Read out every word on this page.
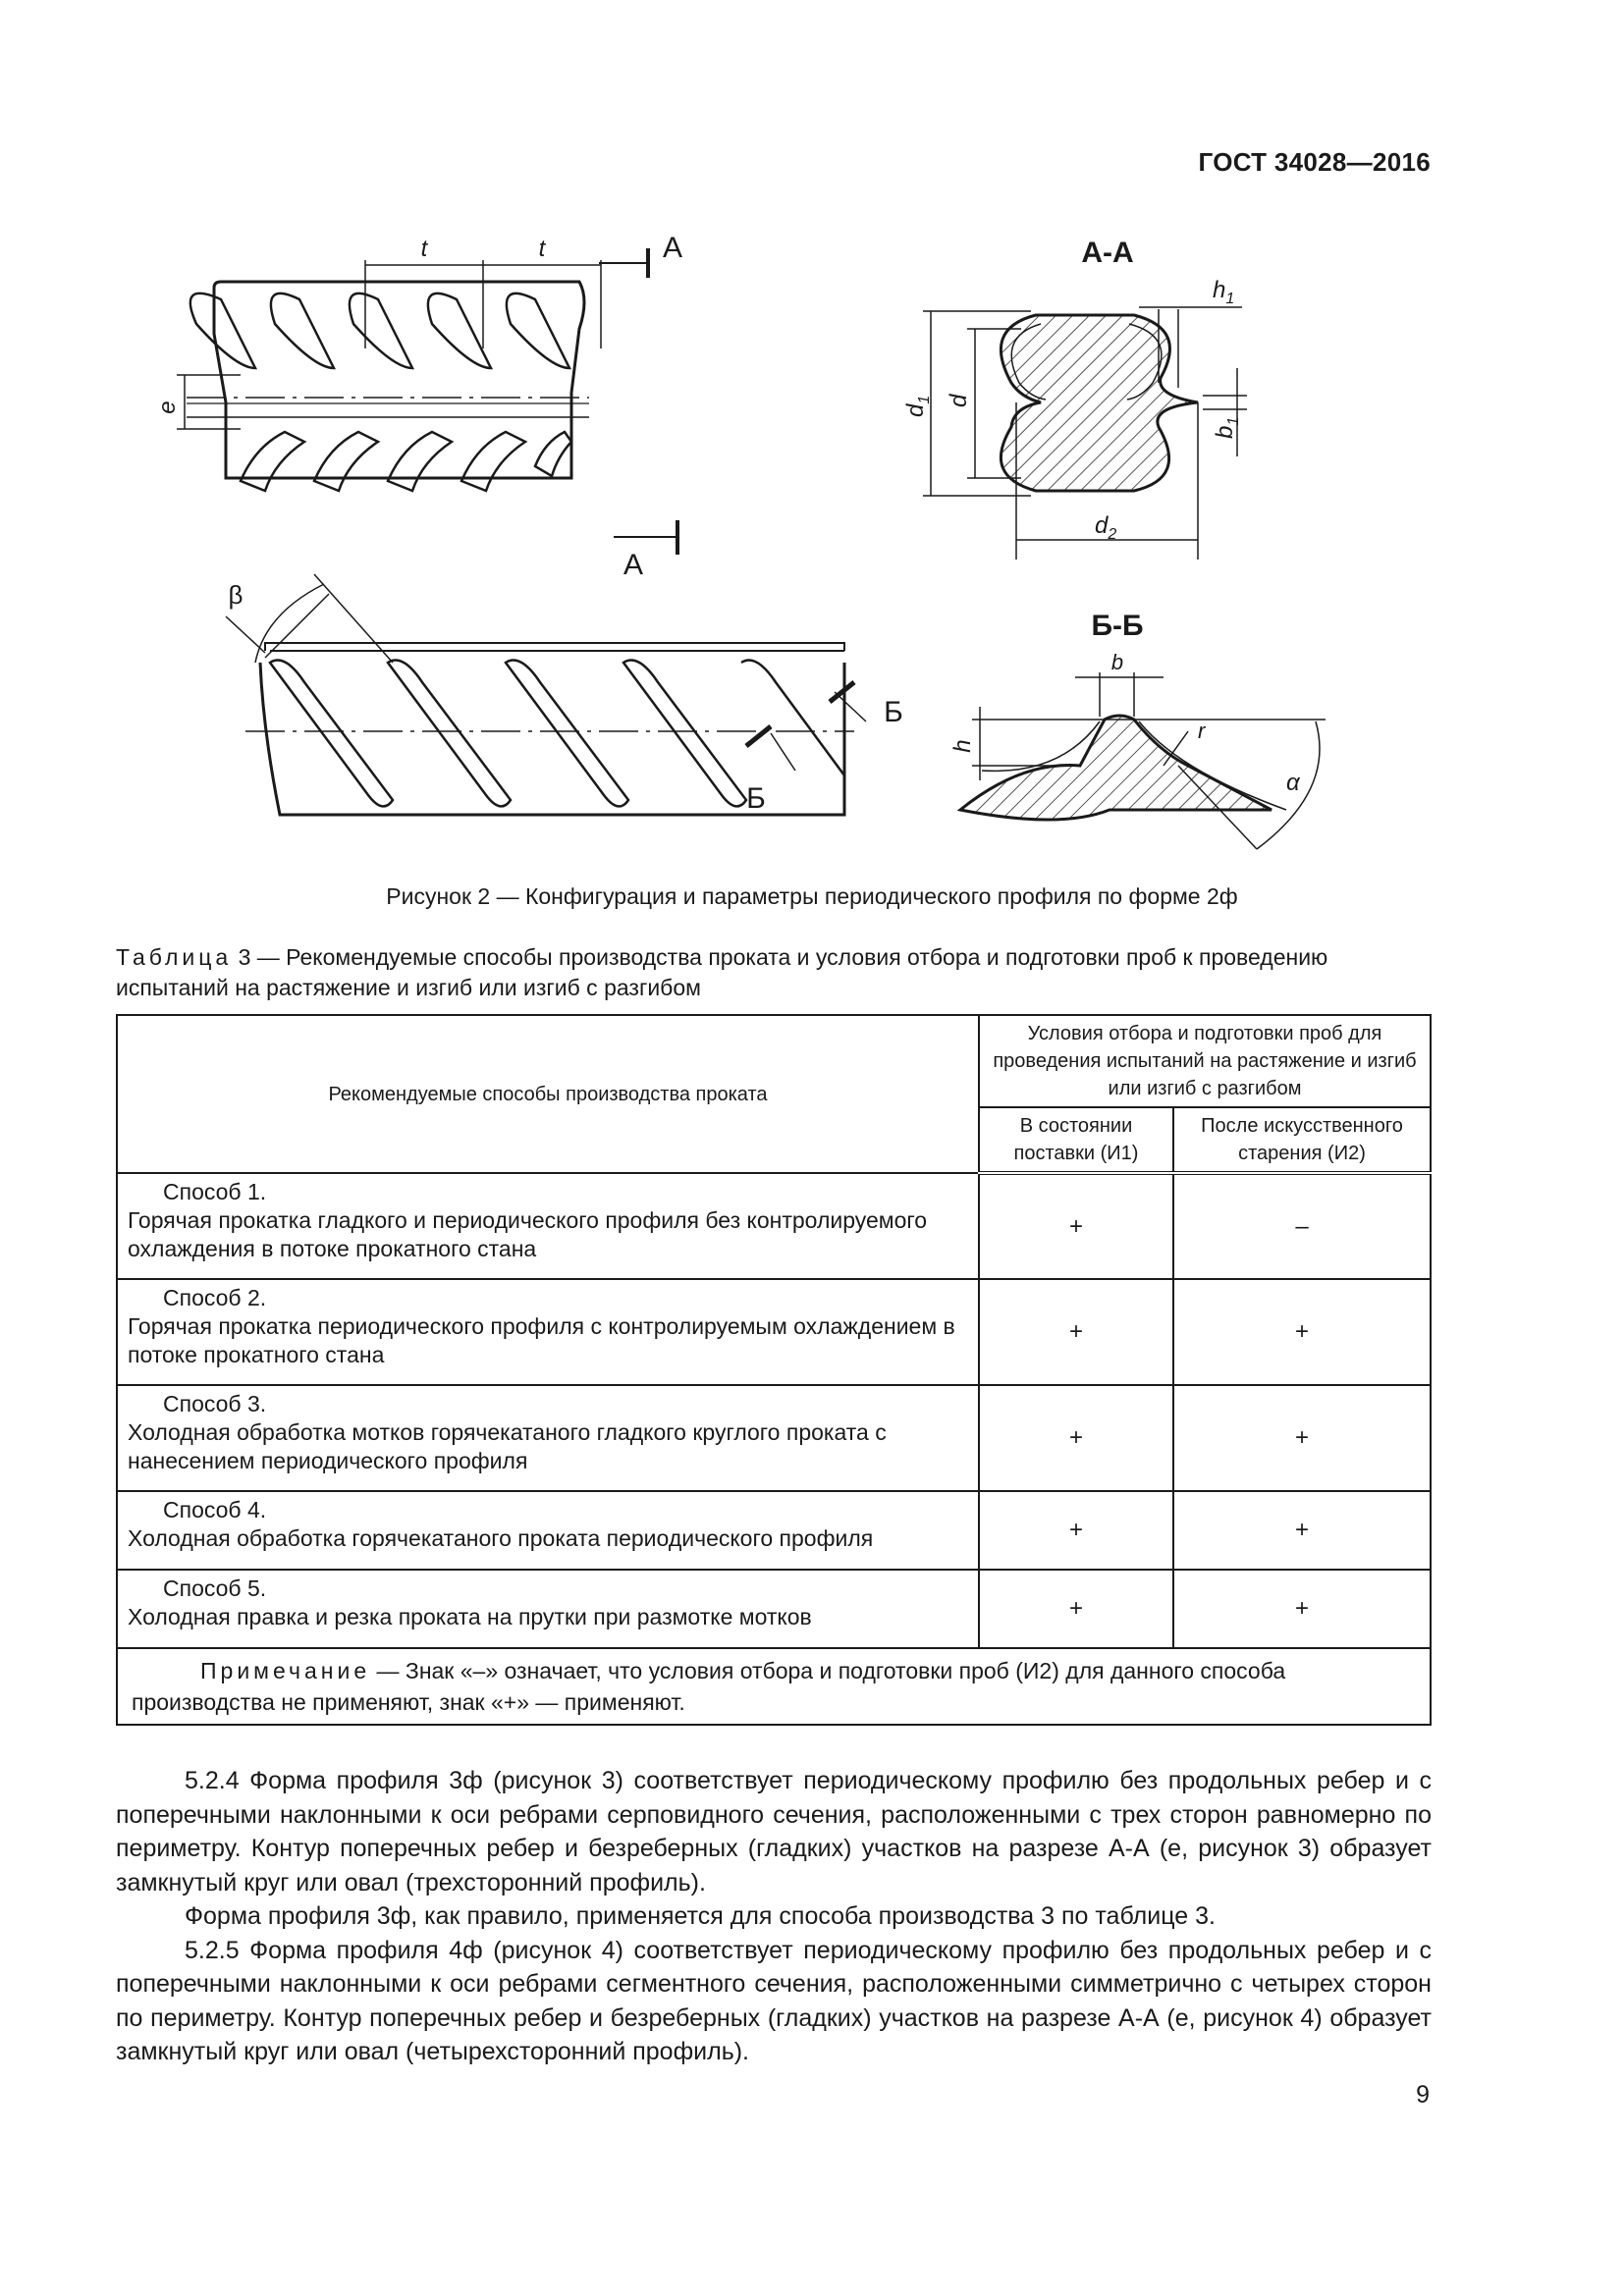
ГОСТ 34028—2016
t	t
e
А
А
А-А
$d_1$ d
$d_2$
$h_1$
$b_1$
β
Б
Б
Б-Б
b
h
r
α
Рисунок 2 — Конфигурация и параметры периодического профиля по форме 2ф
Таблица 3 — Рекомендуемые способы производства проката и условия отбора и подготовки проб к проведению испытаний на растяжение и изгиб или изгиб с разгибом
Рекомендуемые способы производства проката	Условия отбора и подготовки проб для проведения испытаний на растяжение и изгиб или изгиб с разгибом	
	В состоянии поставки (И1)	После искусственного старения (И2)

Способ 1.
Горячая прокатка гладкого и периодического профиля без контролируемого охлаждения в потоке прокатного стана	+	–

Способ 2.
Горячая прокатка периодического профиля с контролируемым охлаждением в потоке прокатного стана	+	+

Способ 3.
Холодная обработка мотков горячекатаного гладкого круглого проката с нанесением периодического профиля	+	+

Способ 4.
Холодная обработка горячекатаного проката периодического профиля	+	+

Способ 5.
Холодная правка и резка проката на прутки при размотке мотков	+	+
Примечание — Знак «–» означает, что условия отбора и подготовки проб (И2) для данного способа производства не применяют, знак «+» — применяют.		

5.2.4 Форма профиля 3ф (рисунок 3) соответствует периодическому профилю без продольных ребер и с поперечными наклонными к оси ребрами серповидного сечения, расположенными с трех сторон равномерно по периметру. Контур поперечных ребер и безреберных (гладких) участков на разрезе А-А (е, рисунок 3) образует замкнутый круг или овал (трехсторонний профиль).

Форма профиля 3ф, как правило, применяется для способа производства 3 по таблице 3.

5.2.5 Форма профиля 4ф (рисунок 4) соответствует периодическому профилю без продольных ребер и с поперечными наклонными к оси ребрами сегментного сечения, расположенными симметрично с четырех сторон по периметру. Контур поперечных ребер и безреберных (гладких) участков на разрезе А-А (е, рисунок 4) образует замкнутый круг или овал (четырехсторонний профиль).

9
